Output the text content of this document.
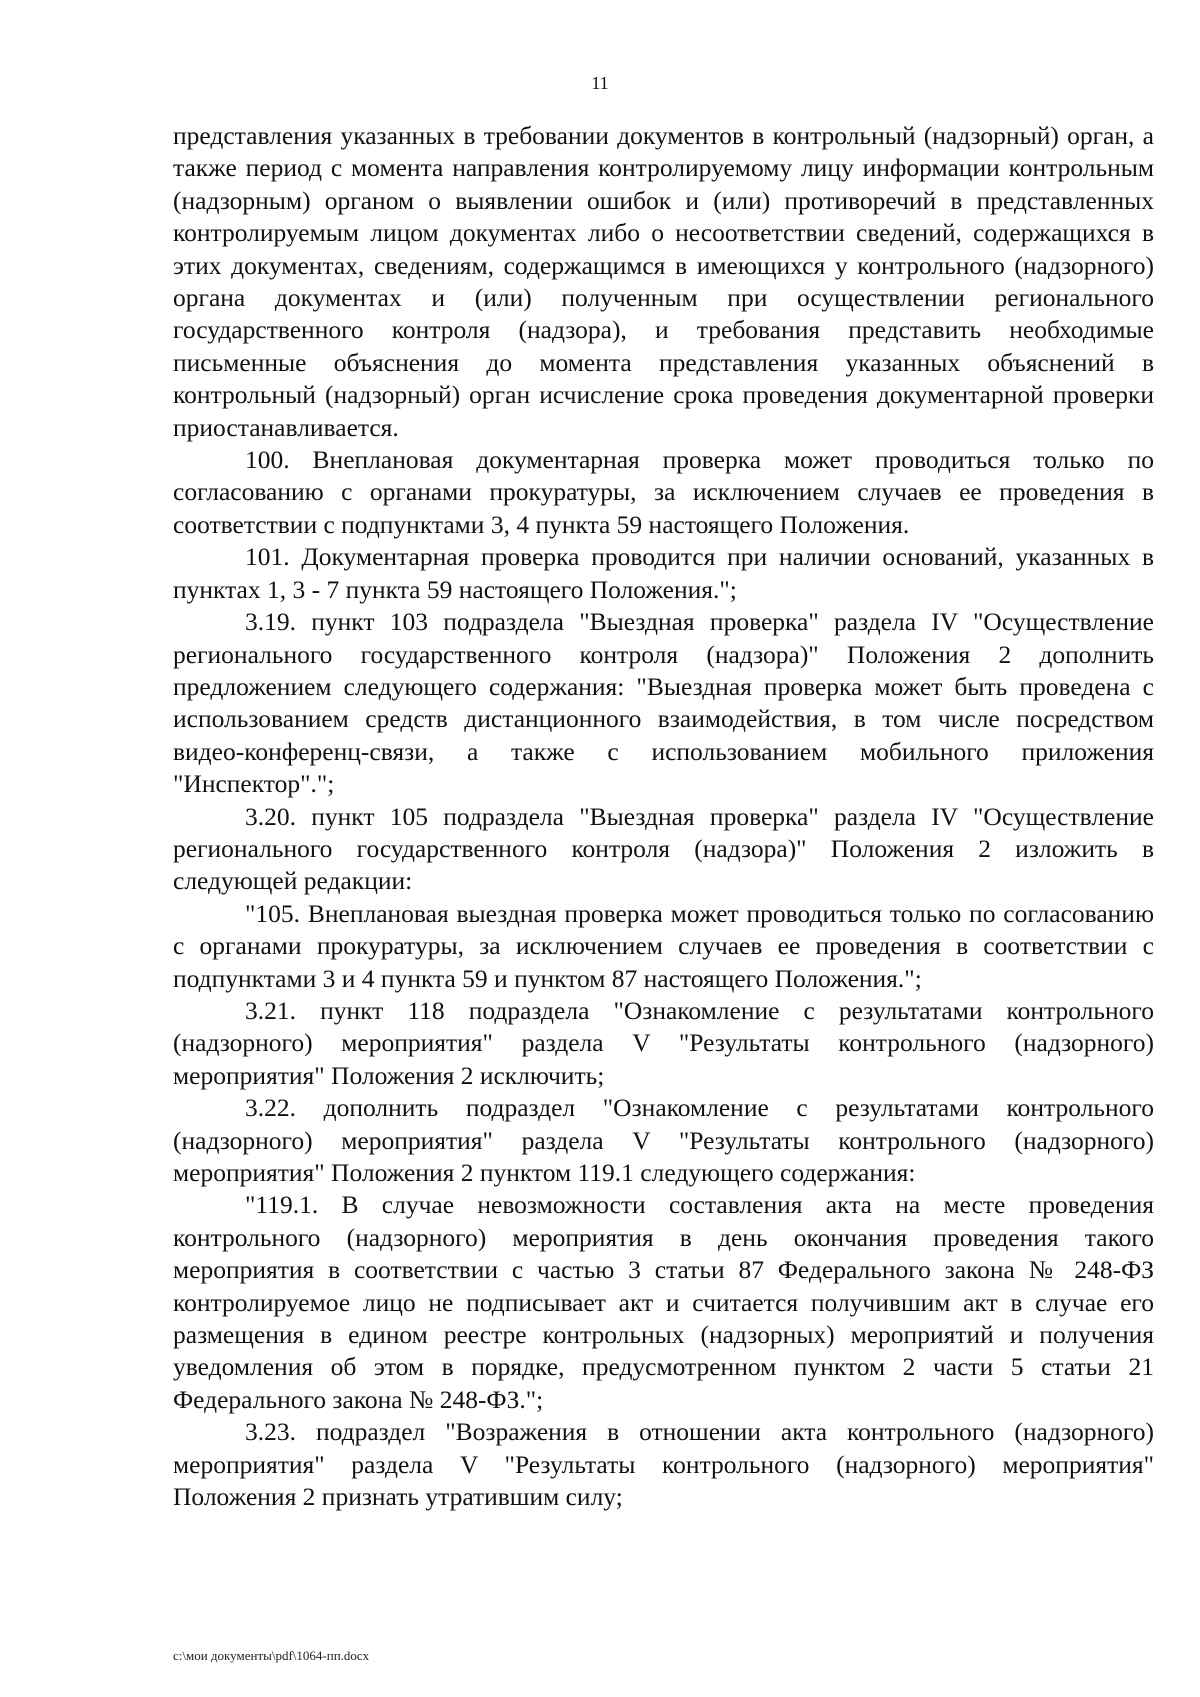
11

представления указанных в требовании документов в контрольный (надзорный) орган, а также период с момента направления контролируемому лицу информации контрольным (надзорным) органом о выявлении ошибок и (или) противоречий в представленных контролируемым лицом документах либо о несоответствии сведений, содержащихся в этих документах, сведениям, содержащимся в имеющихся у контрольного (надзорного) органа документах и (или) полученным при осуществлении регионального государственного контроля (надзора), и требования представить необходимые письменные объяснения до момента представления указанных объяснений в контрольный (надзорный) орган исчисление срока проведения документарной проверки приостанавливается.

100. Внеплановая документарная проверка может проводиться только по согласованию с органами прокуратуры, за исключением случаев ее проведения в соответствии с подпунктами 3, 4 пункта 59 настоящего Положения.

101. Документарная проверка проводится при наличии оснований, указанных в пунктах 1, 3 - 7 пункта 59 настоящего Положения.";

3.19. пункт 103 подраздела "Выездная проверка" раздела IV "Осуществление регионального государственного контроля (надзора)" Положения 2 дополнить предложением следующего содержания: "Выездная проверка может быть проведена с использованием средств дистанционного взаимодействия, в том числе посредством видео-конференц-связи, а также с использованием мобильного приложения "Инспектор".";

3.20. пункт 105 подраздела "Выездная проверка" раздела IV "Осуществление регионального государственного контроля (надзора)" Положения 2 изложить в следующей редакции:

"105. Внеплановая выездная проверка может проводиться только по согласованию с органами прокуратуры, за исключением случаев ее проведения в соответствии с подпунктами 3 и 4 пункта 59 и пунктом 87 настоящего Положения.";

3.21. пункт 118 подраздела "Ознакомление с результатами контрольного (надзорного) мероприятия" раздела V "Результаты контрольного (надзорного) мероприятия" Положения 2 исключить;

3.22. дополнить подраздел "Ознакомление с результатами контрольного (надзорного) мероприятия" раздела V "Результаты контрольного (надзорного) мероприятия" Положения 2 пунктом 119.1 следующего содержания:

"119.1. В случае невозможности составления акта на месте проведения контрольного (надзорного) мероприятия в день окончания проведения такого мероприятия в соответствии с частью 3 статьи 87 Федерального закона № 248-ФЗ контролируемое лицо не подписывает акт и считается получившим акт в случае его размещения в едином реестре контрольных (надзорных) мероприятий и получения уведомления об этом в порядке, предусмотренном пунктом 2 части 5 статьи 21 Федерального закона № 248-ФЗ.";

3.23. подраздел "Возражения в отношении акта контрольного (надзорного) мероприятия" раздела V "Результаты контрольного (надзорного) мероприятия" Положения 2 признать утратившим силу;

c:\мои документы\pdf\1064-пп.docx
